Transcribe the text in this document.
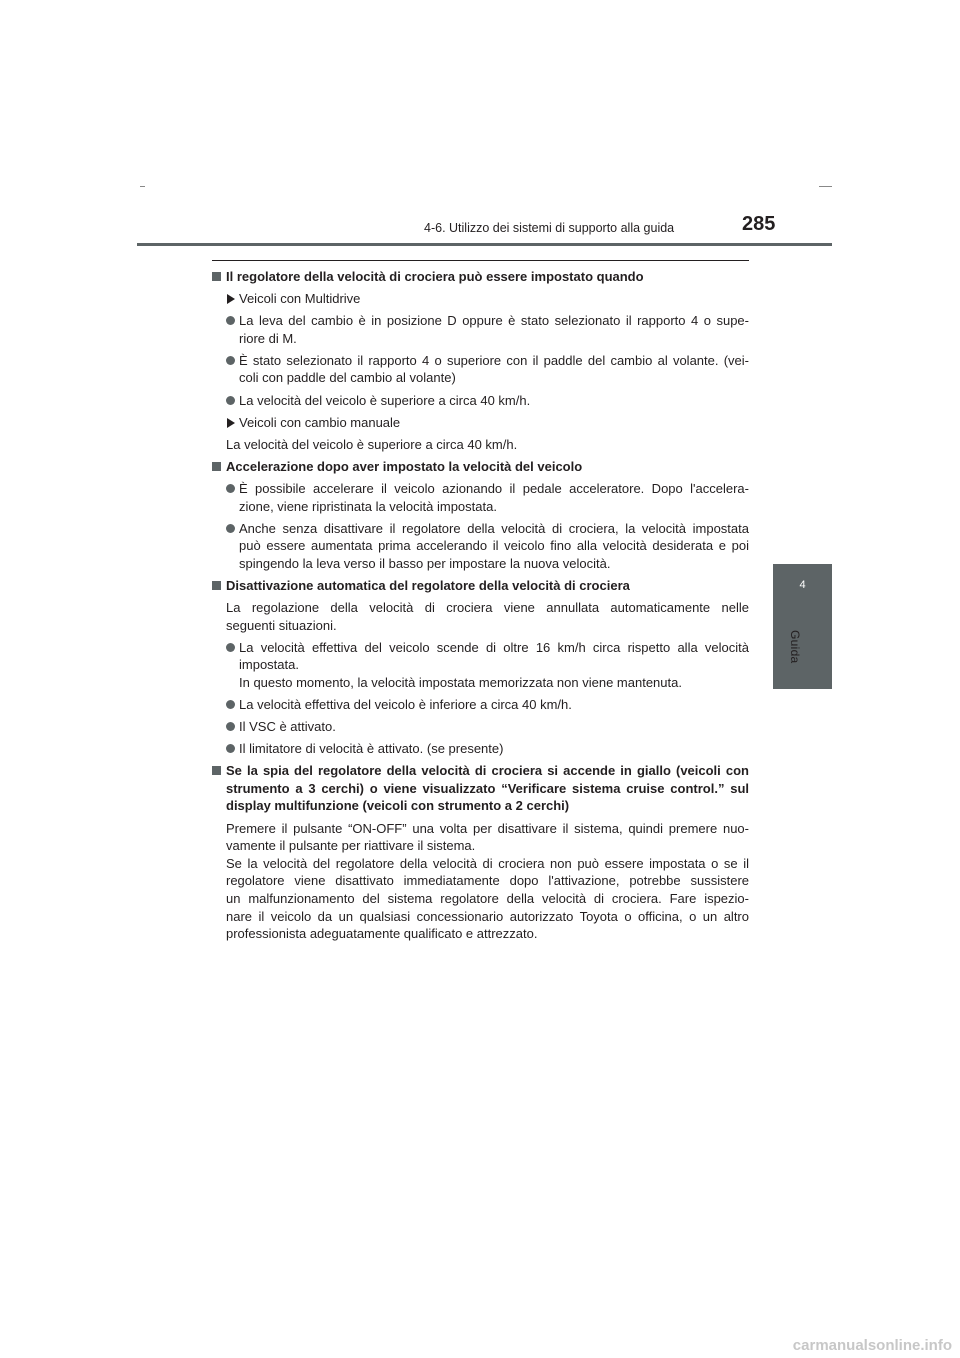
4-6. Utilizzo dei sistemi di supporto alla guida	285
4
Guida
Il regolatore della velocità di crociera può essere impostato quando
Veicoli con Multidrive
La leva del cambio è in posizione D oppure è stato selezionato il rapporto 4 o supe-
riore di M.
È stato selezionato il rapporto 4 o superiore con il paddle del cambio al volante. (vei-
coli con paddle del cambio al volante)
La velocità del veicolo è superiore a circa 40 km/h.
Veicoli con cambio manuale
La velocità del veicolo è superiore a circa 40 km/h.
Accelerazione dopo aver impostato la velocità del veicolo
È possibile accelerare il veicolo azionando il pedale acceleratore. Dopo l'accelera-
zione, viene ripristinata la velocità impostata.
Anche senza disattivare il regolatore della velocità di crociera, la velocità impostata
può essere aumentata prima accelerando il veicolo fino alla velocità desiderata e poi
spingendo la leva verso il basso per impostare la nuova velocità.
Disattivazione automatica del regolatore della velocità di crociera
La regolazione della velocità di crociera viene annullata automaticamente nelle
seguenti situazioni.
La velocità effettiva del veicolo scende di oltre 16 km/h circa rispetto alla velocità
impostata.
In questo momento, la velocità impostata memorizzata non viene mantenuta.
La velocità effettiva del veicolo è inferiore a circa 40 km/h.
Il VSC è attivato.
Il limitatore di velocità è attivato. (se presente)
Se la spia del regolatore della velocità di crociera si accende in giallo (veicoli con
strumento a 3 cerchi) o viene visualizzato “Verificare sistema cruise control.” sul
display multifunzione (veicoli con strumento a 2 cerchi)
Premere il pulsante “ON-OFF” una volta per disattivare il sistema, quindi premere nuo-
vamente il pulsante per riattivare il sistema.
Se la velocità del regolatore della velocità di crociera non può essere impostata o se il
regolatore viene disattivato immediatamente dopo l'attivazione, potrebbe sussistere
un malfunzionamento del sistema regolatore della velocità di crociera. Fare ispezio-
nare il veicolo da un qualsiasi concessionario autorizzato Toyota o officina, o un altro
professionista adeguatamente qualificato e attrezzato.
carmanualsonline.info
